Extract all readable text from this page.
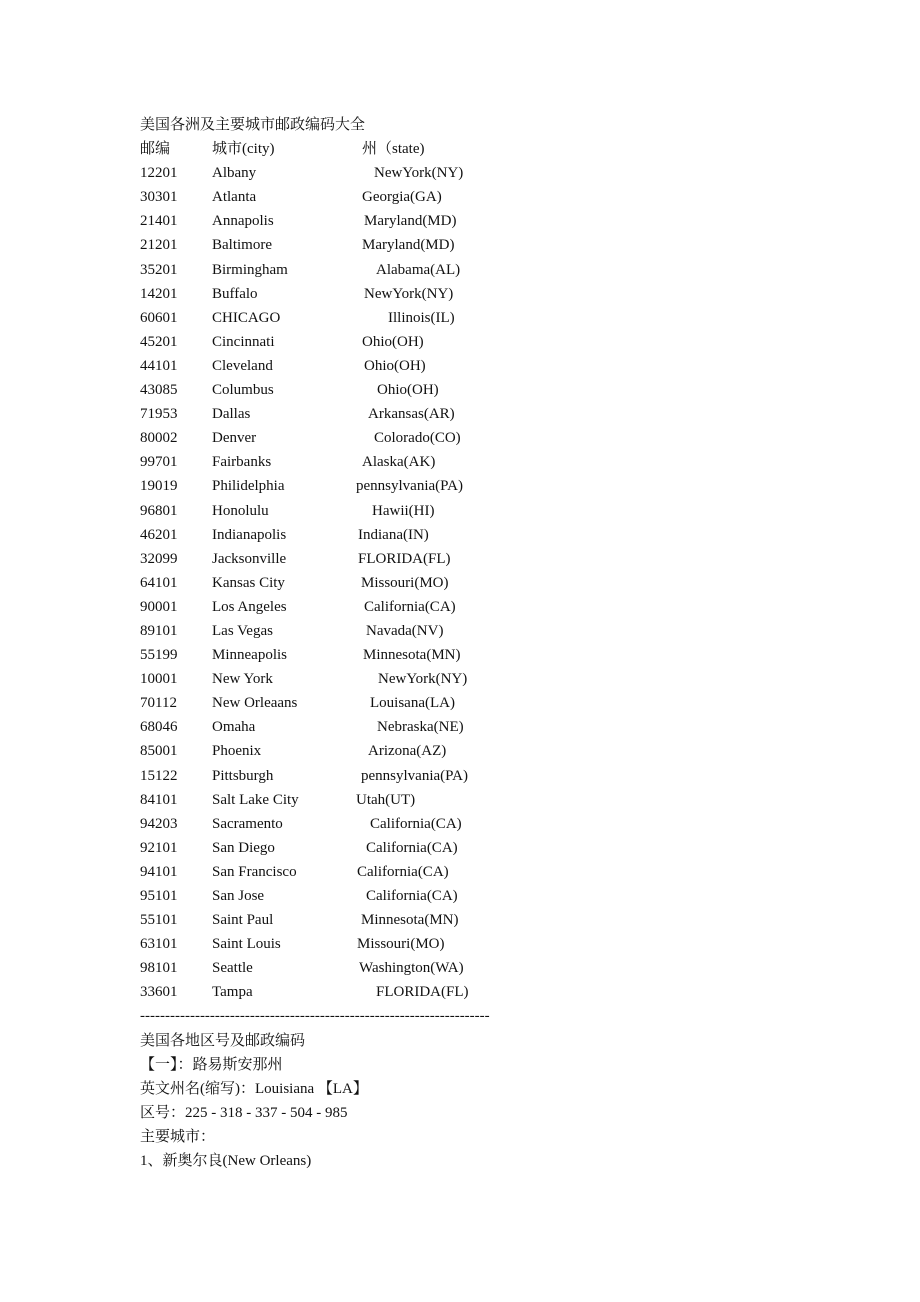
美国各洲及主要城市邮政编码大全
邮编	城市(city)	州（state)
12201	Albany	NewYork(NY)
30301	Atlanta	Georgia(GA)
21401	Annapolis	Maryland(MD)
21201	Baltimore	Maryland(MD)
35201	Birmingham	Alabama(AL)
14201	Buffalo	NewYork(NY)
60601	CHICAGO	Illinois(IL)
45201	Cincinnati	Ohio(OH)
44101	Cleveland	Ohio(OH)
43085	Columbus	Ohio(OH)
71953	Dallas	Arkansas(AR)
80002	Denver	Colorado(CO)
99701	Fairbanks	Alaska(AK)
19019	Philidelphia	pennsylvania(PA)
96801	Honolulu	Hawii(HI)
46201	Indianapolis	Indiana(IN)
32099	Jacksonville	FLORIDA(FL)
64101	Kansas City	Missouri(MO)
90001	Los Angeles	California(CA)
89101	Las Vegas	Navada(NV)
55199	Minneapolis	Minnesota(MN)
10001	New York	NewYork(NY)
70112	New Orleaans	Louisana(LA)
68046	Omaha	Nebraska(NE)
85001	Phoenix	Arizona(AZ)
15122	Pittsburgh	pennsylvania(PA)
84101	Salt Lake City	Utah(UT)
94203	Sacramento	California(CA)
92101	San Diego	California(CA)
94101	San Francisco	California(CA)
95101	San Jose	California(CA)
55101	Saint Paul	Minnesota(MN)
63101	Saint Louis	Missouri(MO)
98101	Seattle	Washington(WA)
33601	Tampa	FLORIDA(FL)
----------------------------------------------------------------------
美国各地区号及邮政编码
【一】：路易斯安那州
英文州名(缩写)：Louisiana 【LA】
区号：225 - 318 - 337 - 504 - 985
主要城市：
1、新奥尔良(New Orleans)
